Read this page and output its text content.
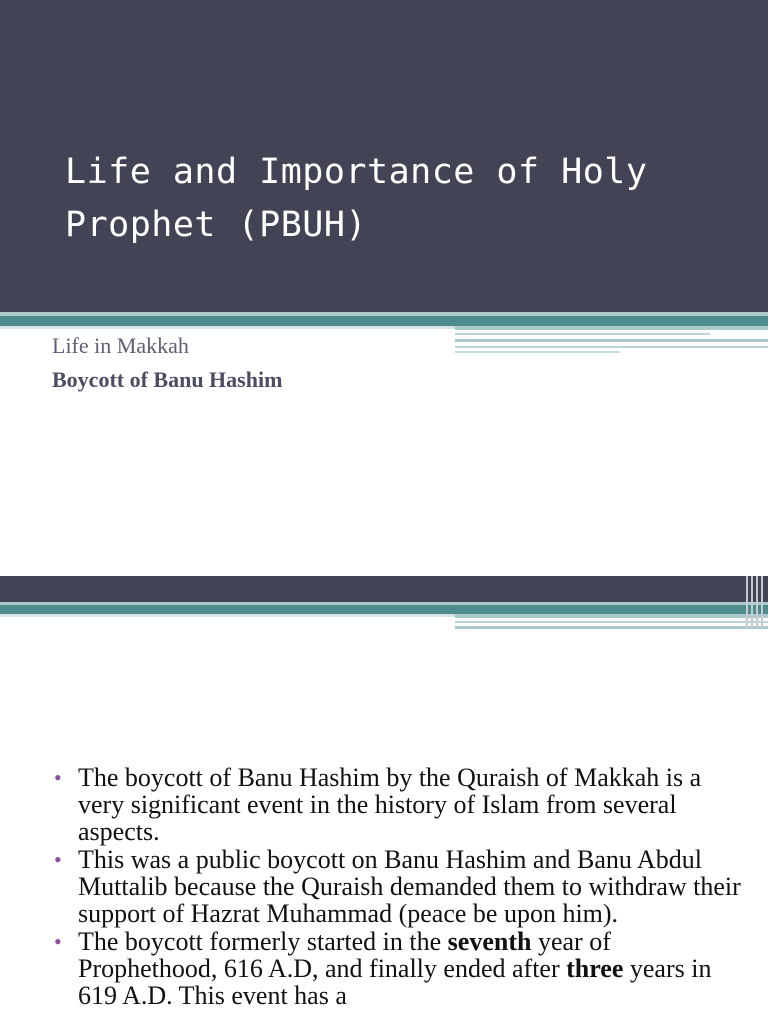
Life and Importance of Holy Prophet (PBUH)

Life in Makkah

Boycott of Banu Hashim

• The boycott of Banu Hashim by the Quraish of Makkah is a very significant event in the history of Islam from several aspects.

• This was a public boycott on Banu Hashim and Banu Abdul Muttalib because the Quraish demanded them to withdraw their support of Hazrat Muhammad (peace be upon him).

• The boycott formerly started in the seventh year of Prophethood, 616 A.D, and finally ended after three years in 619 A.D. This event has a
